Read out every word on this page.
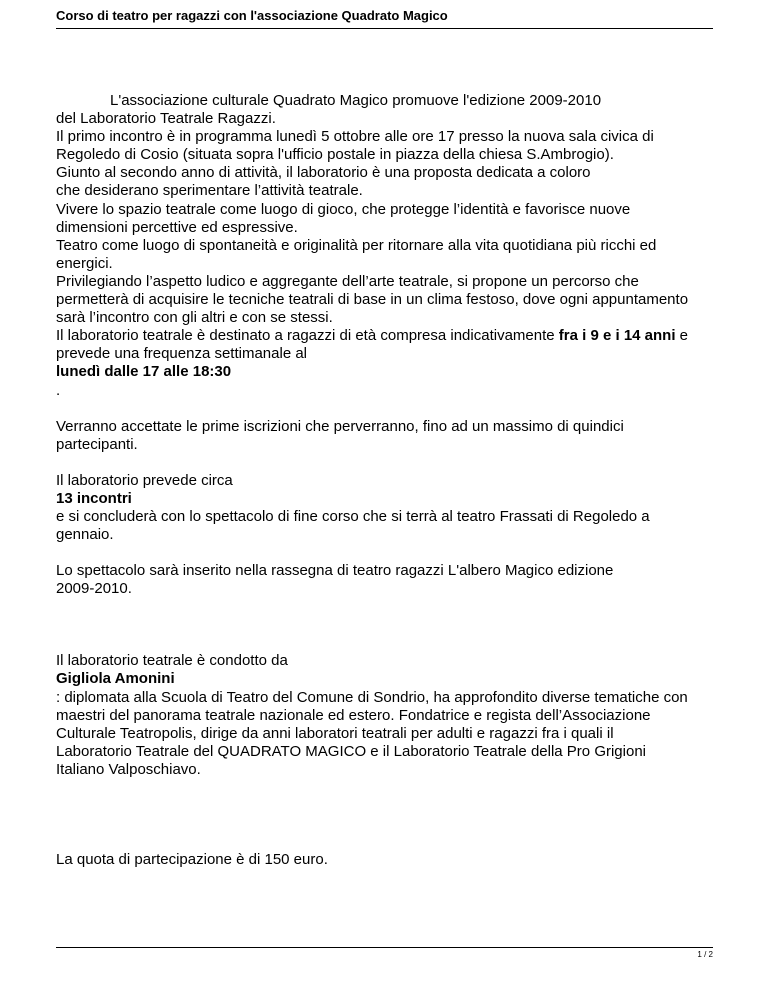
Corso di teatro per ragazzi con l'associazione Quadrato Magico

L'associazione culturale Quadrato Magico promuove l'edizione 2009-2010

del Laboratorio Teatrale Ragazzi.

Il primo incontro è in programma lunedì 5 ottobre alle ore 17 presso la nuova sala civica di

Regoledo di Cosio (situata sopra l'ufficio postale in piazza della chiesa S.Ambrogio).

Giunto al secondo anno di attività, il laboratorio è una proposta dedicata a coloro

che desiderano sperimentare l’attività teatrale.

Vivere lo spazio teatrale come luogo di gioco, che protegge l’identità e favorisce nuove

dimensioni percettive ed espressive.

Teatro come luogo di spontaneità e originalità per ritornare alla vita quotidiana più ricchi ed

energici.

Privilegiando l’aspetto ludico e aggregante dell’arte teatrale, si propone un percorso che

permetterà di acquisire le tecniche teatrali di base in un clima festoso, dove ogni appuntamento

sarà l’incontro con gli altri e con se stessi.

Il laboratorio teatrale è destinato a ragazzi di età compresa indicativamente fra i 9 e i 14 anni e

prevede una frequenza settimanale al

lunedì dalle 17 alle 18:30

.

Verranno accettate le prime iscrizioni che perverranno, fino ad un massimo di quindici

partecipanti.

Il laboratorio prevede circa

13 incontri

e si concluderà con lo spettacolo di fine corso che si terrà al teatro Frassati di Regoledo a

gennaio.

Lo spettacolo sarà inserito nella rassegna di teatro ragazzi L'albero Magico edizione

2009-2010.

Il laboratorio teatrale è condotto da

Gigliola Amonini

: diplomata alla Scuola di Teatro del Comune di Sondrio, ha approfondito diverse tematiche con

maestri del panorama teatrale nazionale ed estero. Fondatrice e regista dell’Associazione

Culturale Teatropolis, dirige da anni laboratori teatrali per adulti e ragazzi fra i quali il

Laboratorio Teatrale del QUADRATO MAGICO e il Laboratorio Teatrale della Pro Grigioni

Italiano Valposchiavo.

La quota di partecipazione è di 150 euro.

1 / 2
